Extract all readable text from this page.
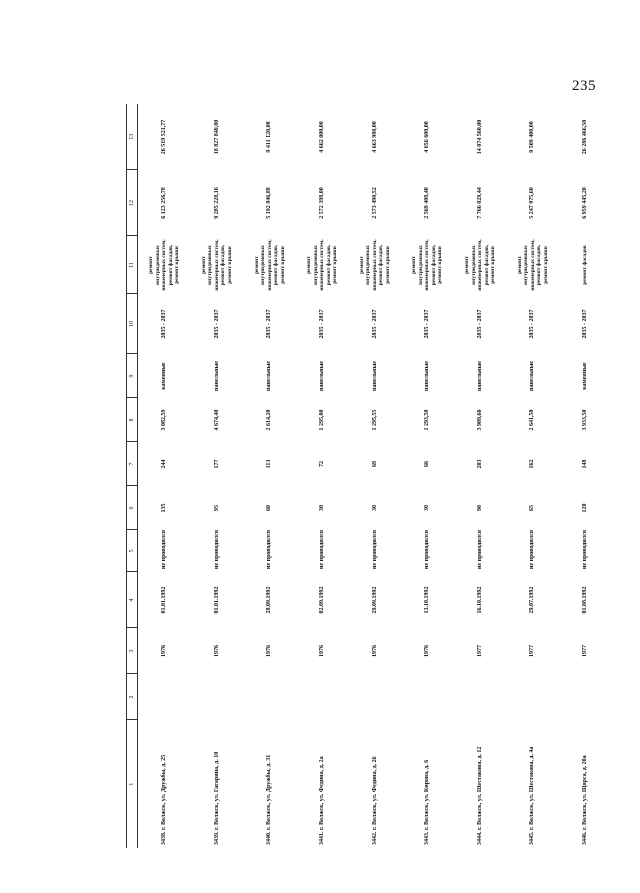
235
1	2	3	4	5	6	7	8	9	10	11	12	13
3438. г. Волжск, ул. Дружбы, д. 25		1976	01.01.1992	не проводился	135	244	3 082,59	каменные	2035 - 2037	ремонт внутридомовых инженерных систем, ремонт фасадов, ремонт крыши	6 123 256,78	26 519 521,77
3439. г. Волжск, ул. Гагарина, д. 10		1976	01.01.1992	не проводился	95	177	4 674,40	панельные	2035 - 2037	ремонт внутридомовых инженерных систем, ремонт фасадов, ремонт крыши	9 285 228,16	18 827 840,00
3440. г. Волжск, ул. Дружбы, д. 31		1976	28.09.1992	не проводился	60	113	2 614,20	панельные	2035 - 2037	ремонт внутридомовых инженерных систем, ремонт фасадов, ремонт крыши	5 192 846,88	9 411 120,00
3441. г. Волжск, ул. Федина, д. 2а		1976	02.09.1992	не проводился	30	72	1 295,00	панельные	2035 - 2037	ремонт внутридомовых инженерных систем, ремонт фасадов, ремонт крыши	2 572 398,00	4 662 000,00
3442. г. Волжск, ул. Федина, д. 26		1976	29.09.1992	не проводился	30	69	1 295,55	панельные	2035 - 2037	ремонт внутридомовых инженерных систем, ремонт фасадов, ремонт крыши	2 573 490,52	4 663 980,00
3443. г. Волжск, ул. Кирова, д. 6		1976	13.10.1992	не проводился	30	66	1 293,50	панельные	2035 - 2037	ремонт внутридомовых инженерных систем, ремонт фасадов, ремонт крыши	2 569 408,40	4 656 600,00
3444. г. Волжск, ул. Шестакова, д. 12		1977	16.10.1992	не проводился	90	203	3 909,60	панельные	2035 - 2037	ремонт внутридомовых инженерных систем, ремонт фасадов, ремонт крыши	7 766 029,44	14 074 560,00
3445. г. Волжск, ул. Шестакова, д. 4а		1977	29.07.1992	не проводился	65	162	2 641,50	панельные	2035 - 2037	ремонт внутридомовых инженерных систем, ремонт фасадов, ремонт крыши	5 247 075,60	9 509 400,00
3446. г. Волжск, ул. Щорса, д. 20а		1977	01.08.1992	не проводился	120	148	3 933,50	каменные	2035 - 2037	ремонт фасадов	6 959 445,20	26 286 466,50
